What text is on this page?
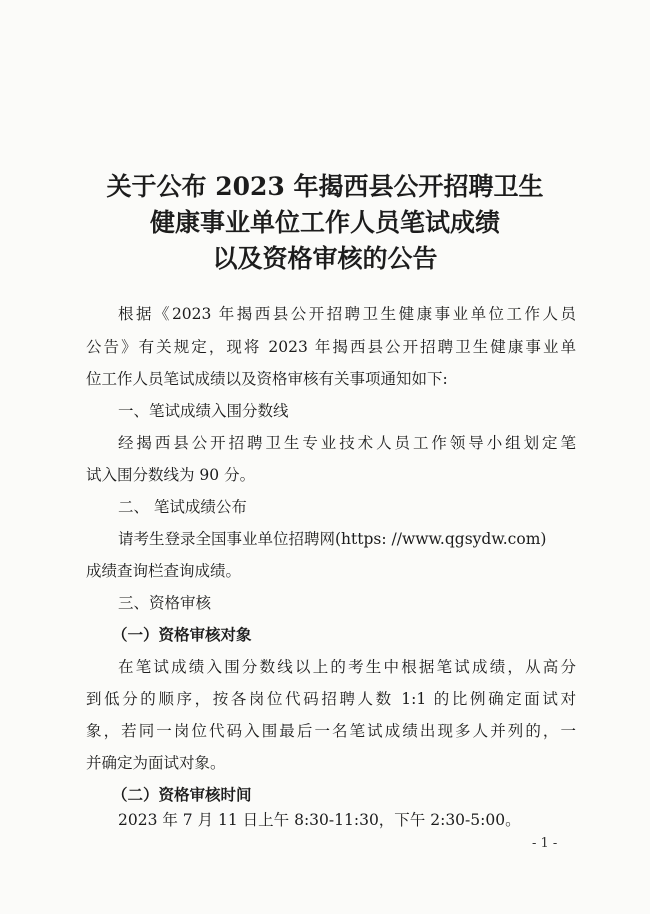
关于公布 2023 年揭西县公开招聘卫生
健康事业单位工作人员笔试成绩
以及资格审核的公告
根据《2023 年揭西县公开招聘卫生健康事业单位工作人员
公告》有关规定，现将 2023 年揭西县公开招聘卫生健康事业单
位工作人员笔试成绩以及资格审核有关事项通知如下:
一、笔试成绩入围分数线
经揭西县公开招聘卫生专业技术人员工作领导小组划定笔
试入围分数线为 90 分。
二、 笔试成绩公布
请考生登录全国事业单位招聘网(https: //www.qgsydw.com)
成绩查询栏查询成绩。
三、资格审核
（一）资格审核对象
在笔试成绩入围分数线以上的考生中根据笔试成绩，从高分
到低分的顺序，按各岗位代码招聘人数 1:1 的比例确定面试对
象，若同一岗位代码入围最后一名笔试成绩出现多人并列的，一
并确定为面试对象。
（二）资格审核时间
2023 年 7 月 11 日上午 8:30-11:30，下午 2:30-5:00。
- 1 -
